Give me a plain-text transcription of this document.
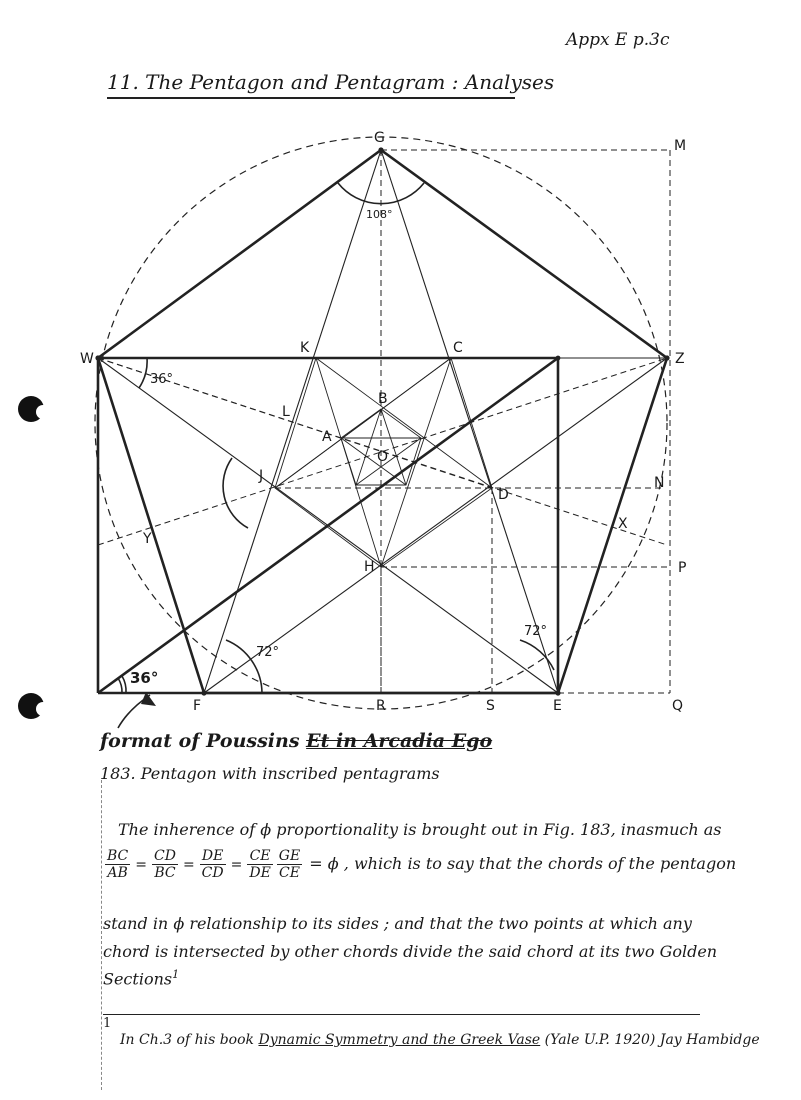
Appx E p.3c
11. The Pentagon and Pentagram : Analyses
G	M
W	Z
K	C
B
L
A
O
J
D
N
Y
X
H	P
F	R	S	E	Q
108°
36°
72°
72°
36°
format of Poussins Et in Arcadia Ego
183. Pentagon with inscribed pentagrams
The inherence of ϕ proportionality is brought out in Fig. 183, inasmuch as
$\frac{BC}{AB} = \frac{CD}{BC} = \frac{DE}{CD} = \frac{CE}{DE} \frac{GE}{CE} = \phi$ , which is to say that the chords of the pentagon
stand in ϕ relationship to its sides ; and that the two points at which any
chord is intersected by other chords divide the said chord at its two Golden
Sections$^1$
1
In Ch.3 of his book Dynamic Symmetry and the Greek Vase (Yale U.P. 1920) Jay Hambidge
